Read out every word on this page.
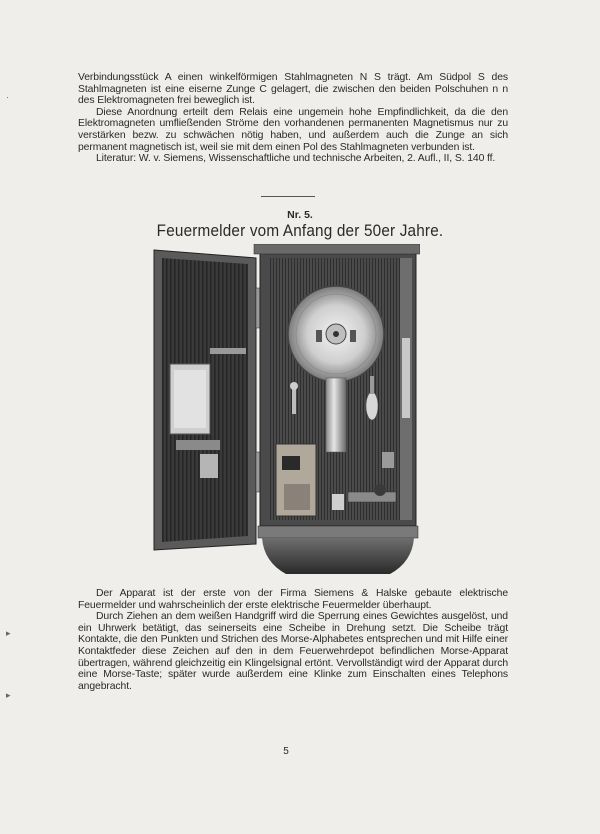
·
▸
▸

Verbindungsstück A einen winkelförmigen Stahlmagneten N S trägt. Am Südpol S des Stahlmagneten ist eine eiserne Zunge C gelagert, die zwischen den beiden Polschuhen n n des Elektromagneten frei beweglich ist.

Diese Anordnung erteilt dem Relais eine ungemein hohe Empfindlichkeit, da die den Elektromagneten umfließenden Ströme den vorhandenen permanenten Magnetismus nur zu verstärken bezw. zu schwächen nötig haben, und außerdem auch die Zunge an sich permanent magnetisch ist, weil sie mit dem einen Pol des Stahlmagneten verbunden ist.

Literatur: W. v. Siemens, Wissenschaftliche und technische Arbeiten, 2. Aufl., II, S. 140 ff.

Nr. 5.
Feuermelder vom Anfang der 50er Jahre.

Der Apparat ist der erste von der Firma Siemens & Halske gebaute elektrische Feuermelder und wahrscheinlich der erste elektrische Feuermelder überhaupt.

Durch Ziehen an dem weißen Handgriff wird die Sperrung eines Gewichtes ausgelöst, und ein Uhrwerk betätigt, das seinerseits eine Scheibe in Drehung setzt. Die Scheibe trägt Kontakte, die den Punkten und Strichen des Morse-Alphabetes entsprechen und mit Hilfe einer Kontaktfeder diese Zeichen auf den in dem Feuerwehrdepot befindlichen Morse-Apparat übertragen, während gleichzeitig ein Klingelsignal ertönt. Vervollständigt wird der Apparat durch eine Morse-Taste; später wurde außerdem eine Klinke zum Einschalten eines Telephons angebracht.

5
